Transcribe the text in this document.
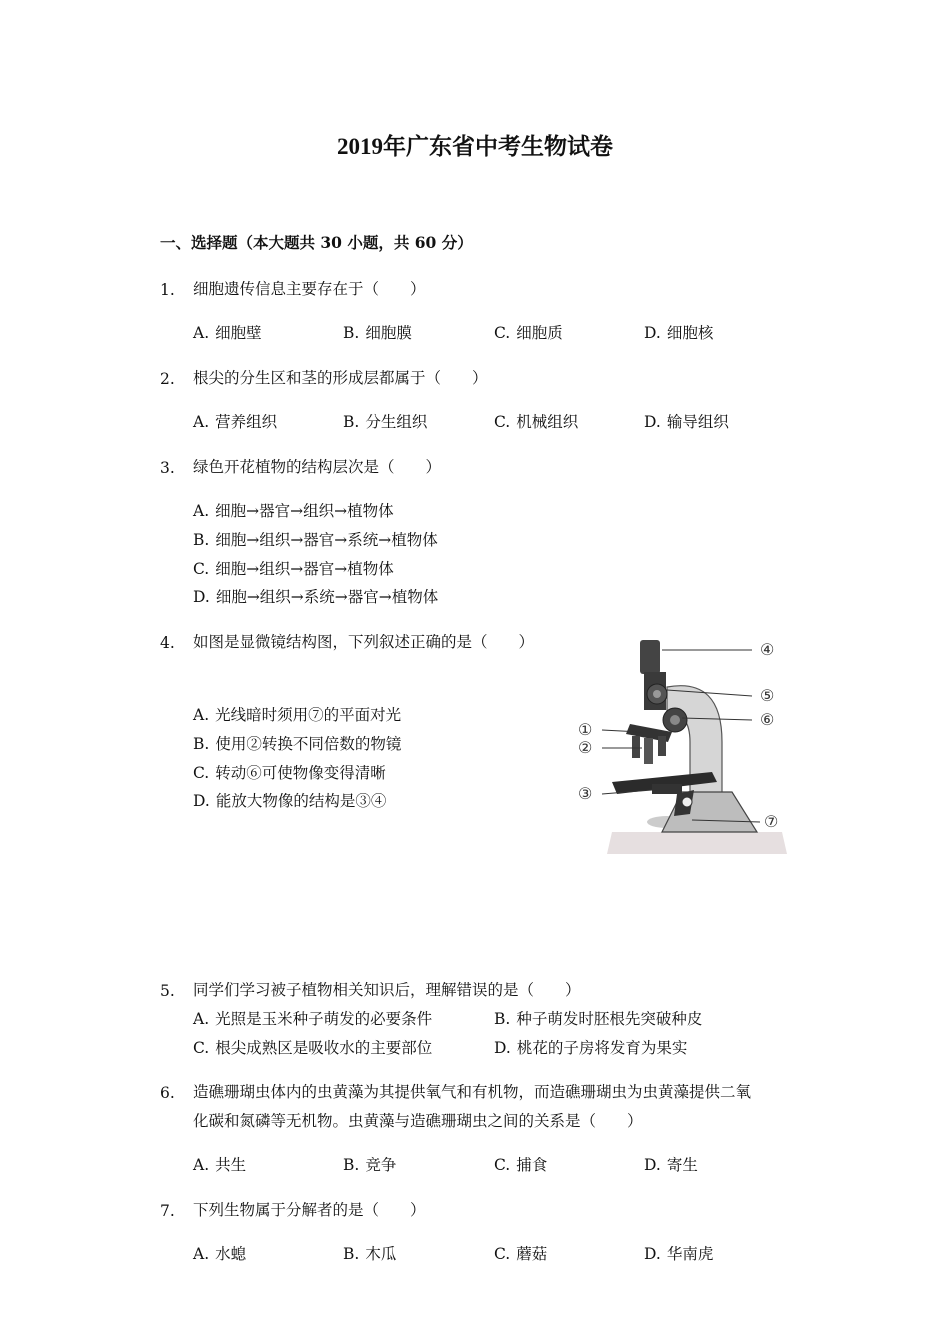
2019年广东省中考生物试卷
一、选择题（本大题共 30 小题，共 60 分）
1. 细胞遗传信息主要存在于（　　）
A. 细胞壁	B. 细胞膜	C. 细胞质	D. 细胞核
2. 根尖的分生区和茎的形成层都属于（　　）
A. 营养组织	B. 分生组织	C. 机械组织	D. 输导组织
3. 绿色开花植物的结构层次是（　　）
A. 细胞→器官→组织→植物体
B. 细胞→组织→器官→系统→植物体
C. 细胞→组织→器官→植物体
D. 细胞→组织→系统→器官→植物体
4. 如图是显微镜结构图，下列叙述正确的是（　　）
A. 光线暗时须用⑦的平面对光
B. 使用②转换不同倍数的物镜
C. 转动⑥可使物像变得清晰
D. 能放大物像的结构是③④
④
⑤
⑥
①
②
③
⑦
5. 同学们学习被子植物相关知识后，理解错误的是（　　）
A. 光照是玉米种子萌发的必要条件	B. 种子萌发时胚根先突破种皮
C. 根尖成熟区是吸收水的主要部位	D. 桃花的子房将发育为果实
6. 造礁珊瑚虫体内的虫黄藻为其提供氧气和有机物，而造礁珊瑚虫为虫黄藻提供二氧
化碳和氮磷等无机物。虫黄藻与造礁珊瑚虫之间的关系是（　　）
A. 共生	B. 竞争	C. 捕食	D. 寄生
7. 下列生物属于分解者的是（　　）
A. 水螅	B. 木瓜	C. 蘑菇	D. 华南虎
